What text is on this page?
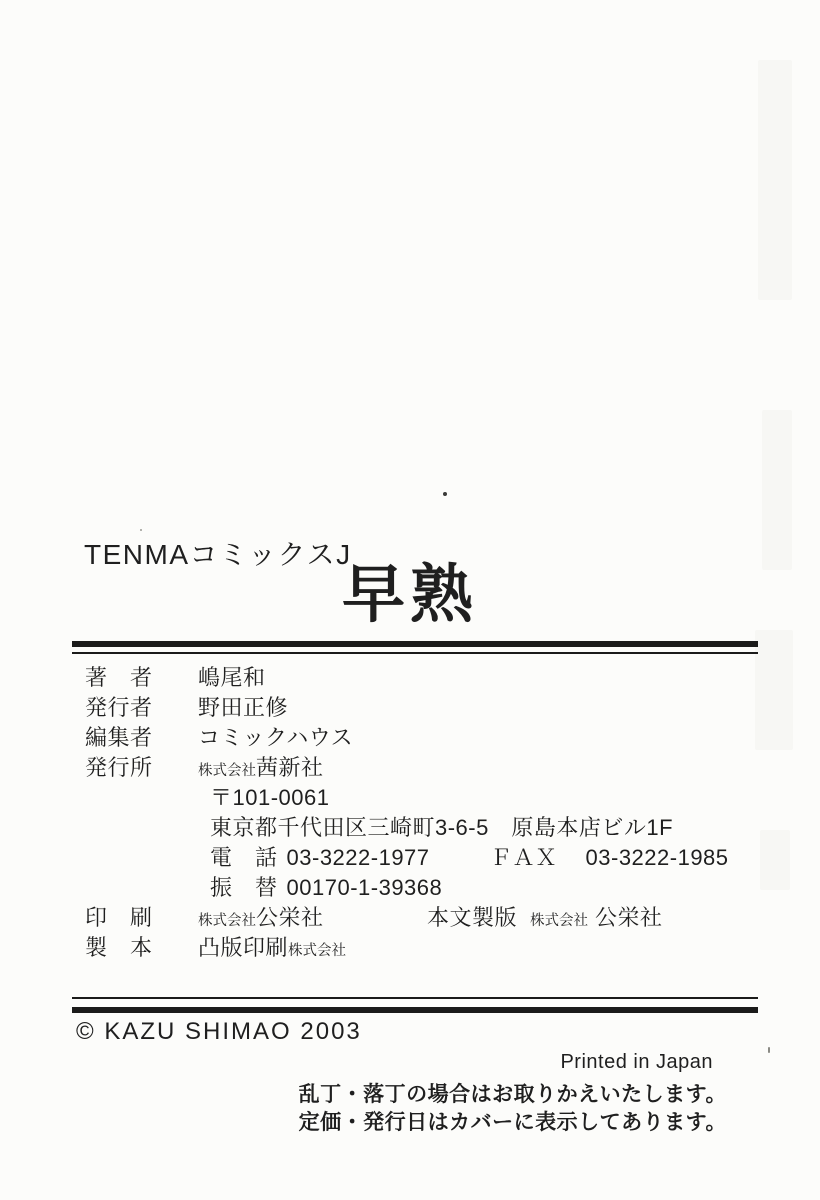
TENMAコミックスJ
早熟
著　者 嶋尾和
発行者 野田正修
編集者 コミックハウス
発行所	株式会社茜新社
〒101-0061
東京都千代田区三崎町3-6-5　原島本店ビル1F
電　話 03-3222-1977	ＦＡＸ 03-3222-1985
振　替 00170-1-39368
印　刷	株式会社公栄社	本文製版 株式会社 公栄社
製　本 凸版印刷株式会社
© KAZU SHIMAO 2003
Printed in Japan
乱丁・落丁の場合はお取りかえいたします。
定価・発行日はカバーに表示してあります。
